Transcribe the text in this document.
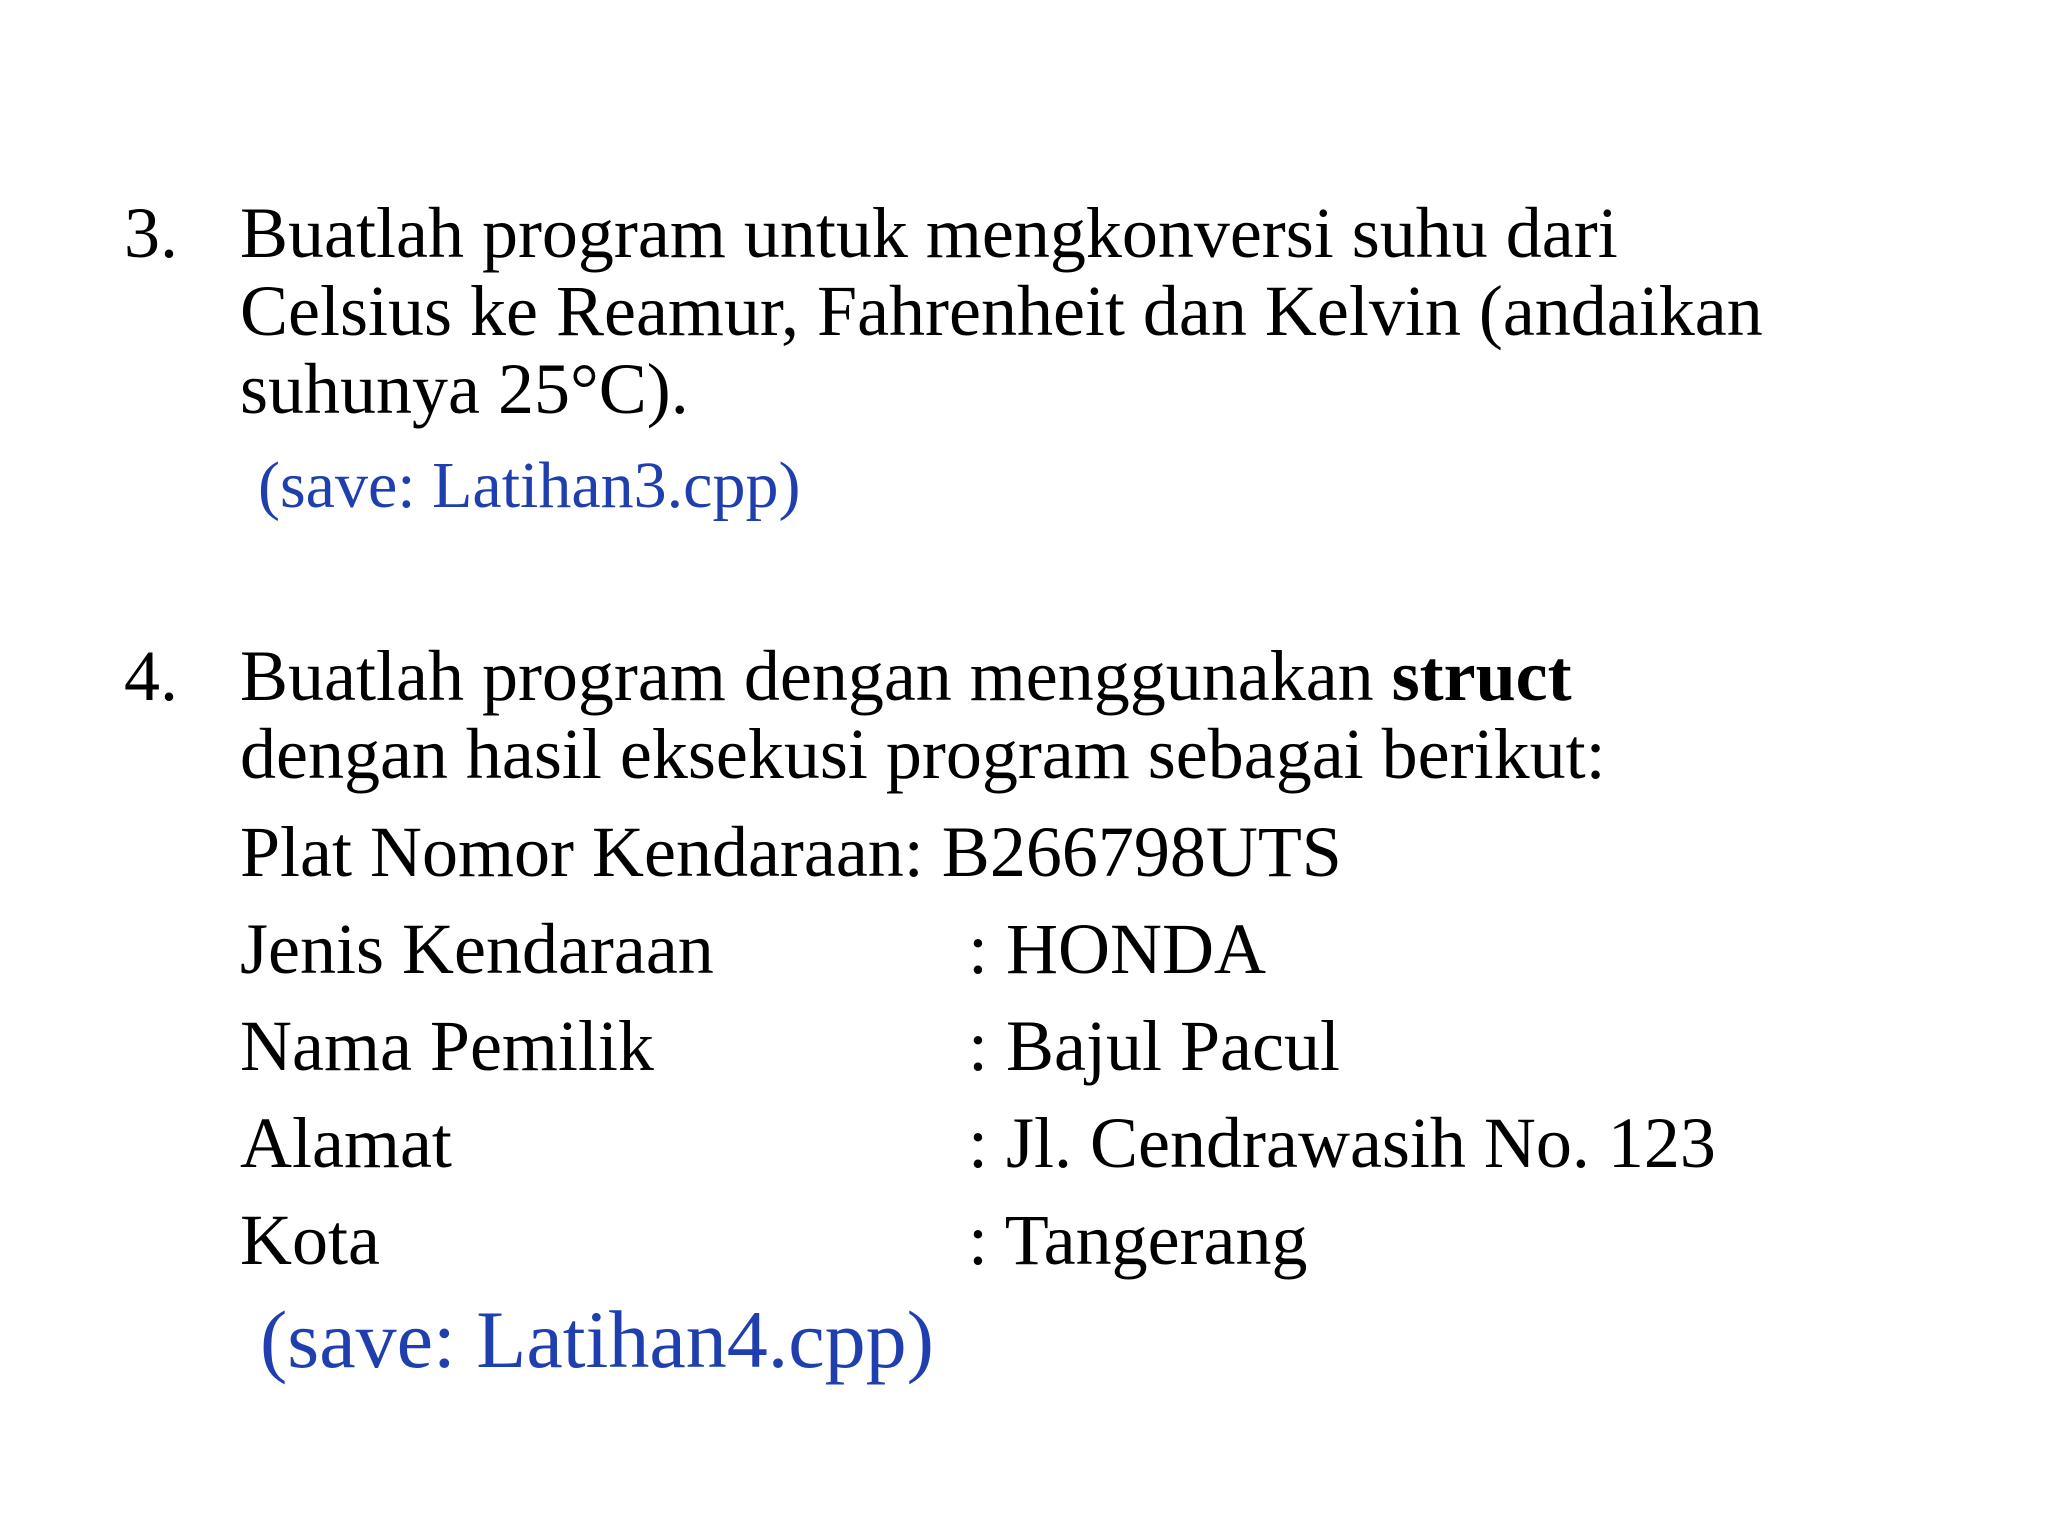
3. Buatlah program untuk mengkonversi suhu dari
Celsius ke Reamur, Fahrenheit dan Kelvin (andaikan
suhunya 25°C).
(save: Latihan3.cpp)
4. Buatlah program dengan menggunakan struct
dengan hasil eksekusi program sebagai berikut:
Plat Nomor Kendaraan: B266798UTS
Jenis Kendaraan	: HONDA
Nama Pemilik	: Bajul Pacul
Alamat	: Jl. Cendrawasih No. 123
Kota	: Tangerang
(save: Latihan4.cpp)
